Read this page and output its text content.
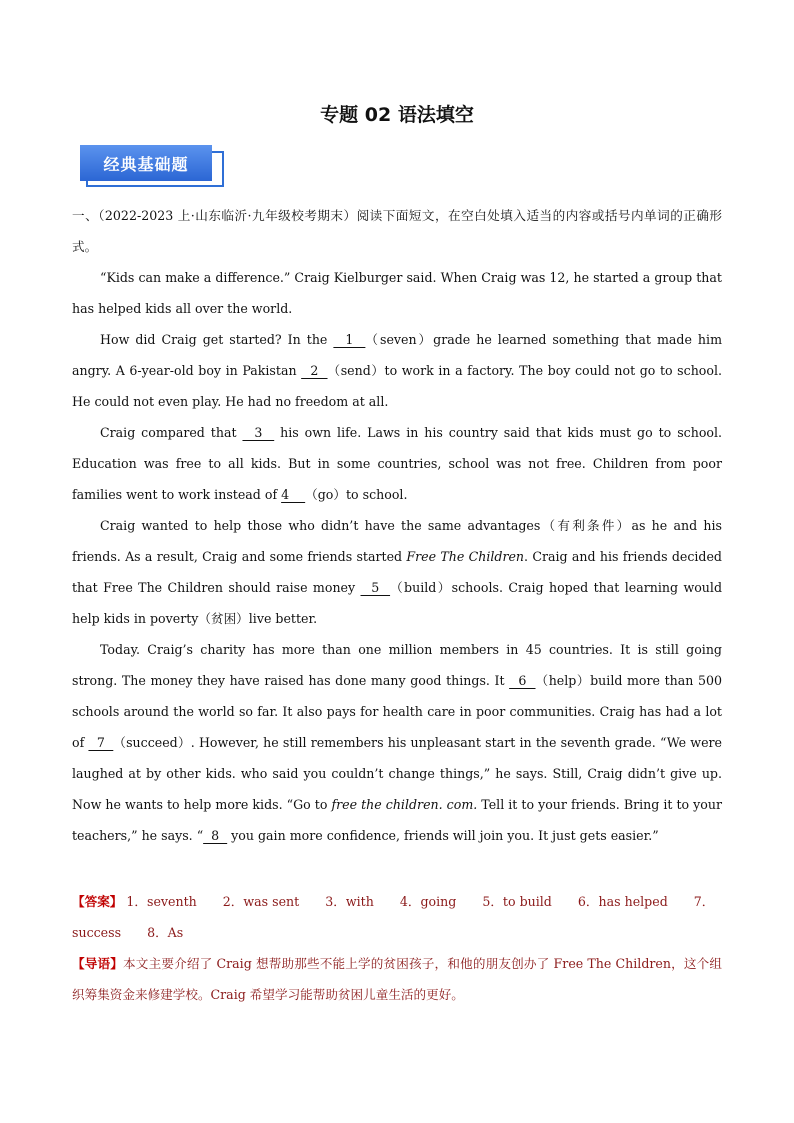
专题 02 语法填空
经典基础题

一、（2022-2023 上·山东临沂·九年级校考期末）阅读下面短文，在空白处填入适当的内容或括号内单词的正确形式。

“Kids can make a difference.” Craig Kielburger said. When Craig was 12, he started a group that has helped kids all over the world.

How did Craig get started? In the   1  （seven）grade he learned something that made him angry. A 6-year-old boy in Pakistan   2  （send）to work in a factory. The boy could not go to school. He could not even play. He had no freedom at all.

Craig compared that   3   his own life. Laws in his country said that kids must go to school. Education was free to all kids. But in some countries, school was not free. Children from poor families went to work instead of 4    （go）to school.

Craig wanted to help those who didn’t have the same advantages（有利条件）as he and his friends. As a result, Craig and some friends started Free The Children. Craig and his friends decided that Free The Children should raise money   5  （build）schools. Craig hoped that learning would help kids in poverty（贫困）live better.

Today. Craig’s charity has more than one million members in 45 countries. It is still going strong. The money they have raised has done many good things. It   6  （help）build more than 500 schools around the world so far. It also pays for health care in poor communities. Craig has had a lot of   7  （succeed）. However, he still remembers his unpleasant start in the seventh grade. “We were laughed at by other kids. who said you couldn’t change things,” he says. Still, Craig didn’t give up. Now he wants to help more kids. “Go to free the children. com. Tell it to your friends. Bring it to your teachers,” he says. “  8   you gain more confidence, friends will join you. It just gets easier.”

【答案】 1．seventh 2．was sent 3．with 4．going 5．to build 6．has helped 7．success 8．As
【导语】本文主要介绍了 Craig 想帮助那些不能上学的贫困孩子，和他的朋友创办了 Free The Children，这个组织筹集资金来修建学校。Craig 希望学习能帮助贫困儿童生活的更好。
